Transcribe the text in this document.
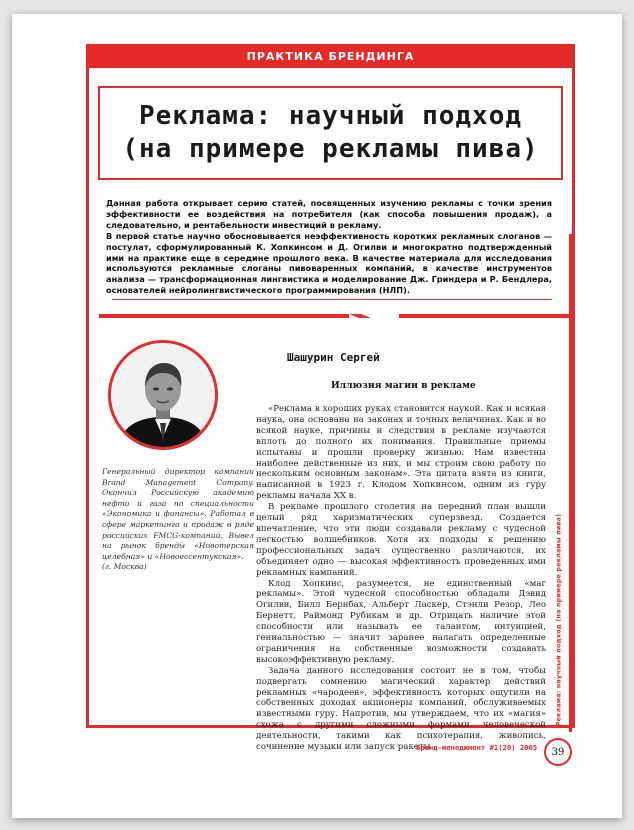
ПРАКТИКА БРЕНДИНГА
Реклама: научный подход
(на примере рекламы пива)

Данная работа открывает серию статей, посвященных изучению рекламы с точки зрения эффективности ее воздействия на потребителя (как способа повышения продаж), а следовательно, и рентабельности инвестиций в рекламу.

В первой статье научно обосновывается неэффективность коротких рекламных слоганов — постулат, сформулированный К. Хопкинсом и Д. Огилви и многократно подтвержденный ими на практике еще в середине прошлого века. В качестве материала для исследования используются рекламные слоганы пивоваренных компаний, в качестве инструментов анализа — трансформационная лингвистика и моделирование Дж. Гриндера и Р. Бендлера, основателей нейролингвистического программирования (НЛП).

Шашурин Сергей

Генеральный директор компании Brand Management Company. Окончил Российскую академию нефти и газа по специальности «Экономика и финансы». Работал в сфере маркетинга и продаж в ряде российских FMCG-компаний. Вывел на рынок бренды «Новотерская целебная» и «Новоессентукская».

(г. Москва)

Иллюзия магии в рекламе

«Реклама в хороших руках становится наукой. Как и всякая наука, она основана на законах и точных величинах. Как и во всякой науке, причины и следствия в рекламе изучаются вплоть до полного их понимания. Правильные приемы испытаны и прошли проверку жизнью. Нам известны наиболее действенные из них, и мы строим свою работу по нескольким основным законам». Эта цитата взята из книги, написанной в 1923 г. Клодом Хопкинсом, одним из гуру рекламы начала XX в.

В рекламе прошлого столетия на передний план вышли целый ряд харизматических суперзвезд. Создается впечатление, что эти люди создавали рекламу с чудесной легкостью волшебников. Хотя их подходы к решению профессиональных задач существенно различаются, их объединяет одно — высокая эффективность проведенных ими рекламных кампаний.

Клод Хопкинс, разумеется, не единственный «маг рекламы». Этой чудесной способностью обладали Дэвид Огилви, Билл Бернбах, Альберт Ласкер, Стэнли Резор, Лео Бернетт, Раймонд Рубикам и др. Отрицать наличие этой способности или называть ее талантом, интуицией, гениальностью — значит заранее налагать определенные ограничения на собственные возможности создавать высокоэффективную рекламу.

Задача данного исследования состоит не в том, чтобы подвергать сомнению магический характер действий рекламных «чародеев», эффективность которых ощутили на собственных доходах акционеры компаний, обслуживаемых известными гуру. Напротив, мы утверждаем, что их «магия» схожа с другими сложными формами человеческой деятельности, такими как психотерапия, живопись, сочинение музыки или запуск ракеты

Реклама: научный подход (на примере рекламы пива)
Бренд-менеджмент #1(20) 2005 39
